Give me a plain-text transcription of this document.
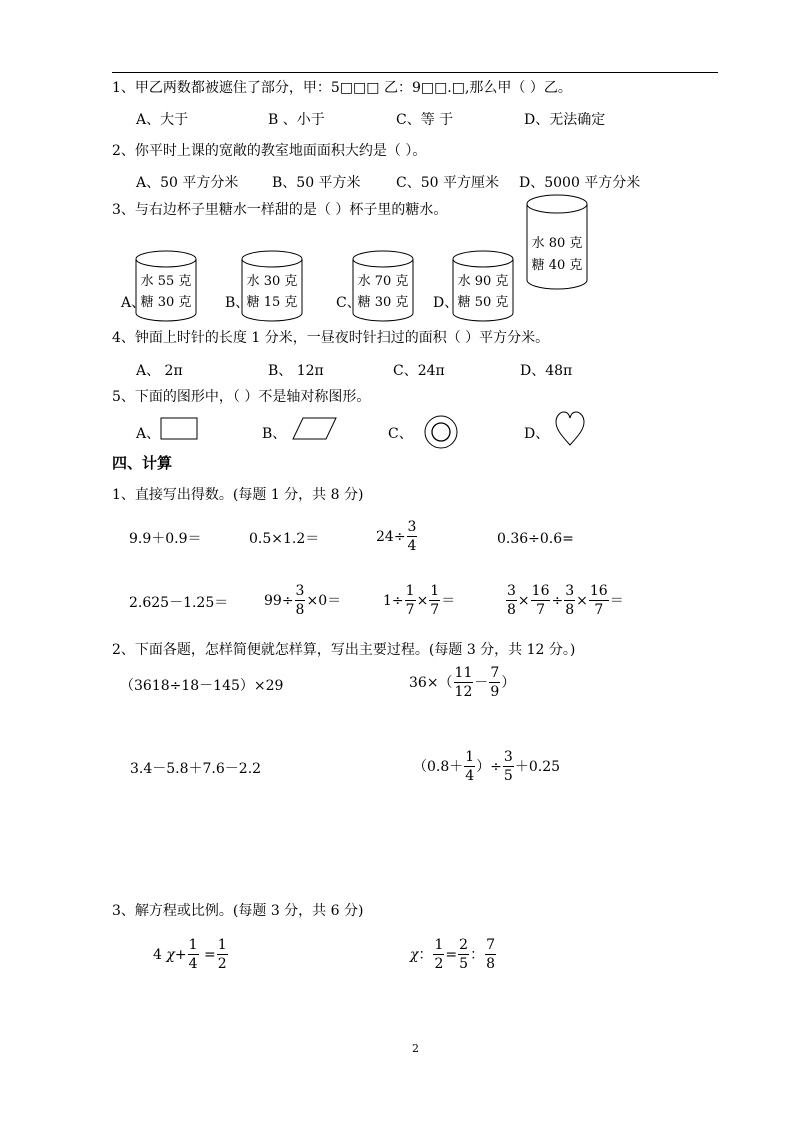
1、甲乙两数都被遮住了部分，甲：5□□□ 乙：9□□.□,那么甲（ ）乙。
A、大于	B 、小于	C、等 于	D、无法确定
2、你平时上课的宽敞的教室地面面积大约是（ ）。
A、50 平方分米 B、50 平方米	C、50 平方厘米 D、5000 平方分米
3、与右边杯子里糖水一样甜的是（ ）杯子里的糖水。
水 80 克
糖 40 克
A、
水 55 克
糖 30 克	B、
水 30 克
糖 15 克	C、
水 70 克
糖 30 克	D、
水 90 克
糖 50 克
4、钟面上时针的长度 1 分米，一昼夜时针扫过的面积（ ）平方分米。
A、 2π	B、 12π	C、24π	D、48π
5、下面的图形中，（ ）不是轴对称图形。
A、	B、	C、	D、
四、计算
1、直接写出得数。(每题 1 分，共 8 分)
9.9＋0.9＝	0.5×1.2＝	$24\div \frac{3}{4}$	0.36÷0.6=
2.625－1.25＝	$99\div \frac{3}{8} \times 0=$	$1\div \frac{1}{7} \times \frac{1}{7}$ ＝	$\frac{3}{8} \times \frac{16}{7} \div \frac{3}{8} \times \frac{16}{7}$ ＝
2、下面各题，怎样简便就怎样算，写出主要过程。(每题 3 分，共 12 分。)
（3618÷18－145）×29	$36\times( \frac{11}{12} - \frac{7}{9}$ ）
3.4－5.8＋7.6－2.2	（$0.8+ \frac{1}{4}$ ）÷ $\frac{3}{5} +0.25$
3、解方程或比例。(每题 3 分，共 6 分)
4 $\chi+ \frac{1}{4} = \frac{1}{2}$	χ： $\frac{1}{2} = \frac{2}{5}$ ： $\frac{7}{8}$
2
